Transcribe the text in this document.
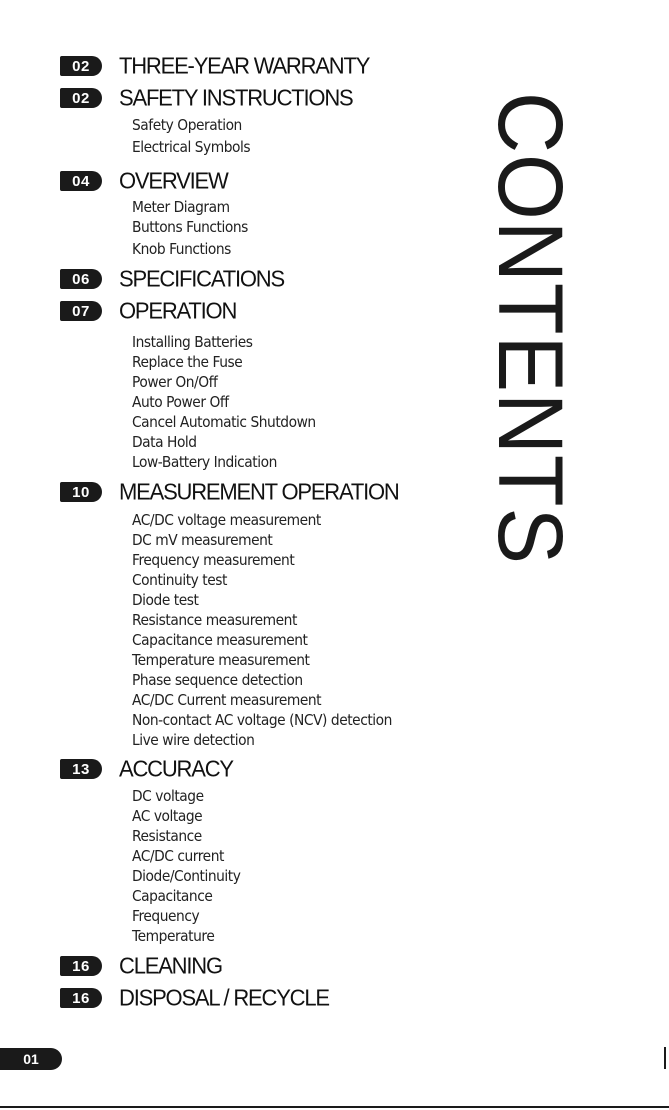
02	THREE-YEAR WARRANTY
02	SAFETY INSTRUCTIONS
Safety Operation
Electrical Symbols
04	OVERVIEW
Meter Diagram
Buttons Functions
Knob Functions
06	SPECIFICATIONS
07	OPERATION
Installing Batteries
Replace the Fuse
Power On/Off
Auto Power Off
Cancel Automatic Shutdown
Data Hold
Low-Battery Indication
10	MEASUREMENT OPERATION
AC/DC voltage measurement
DC mV measurement
Frequency measurement
Continuity test
Diode test
Resistance measurement
Capacitance measurement
Temperature measurement
Phase sequence detection
AC/DC Current measurement
Non-contact AC voltage (NCV) detection
Live wire detection
13	ACCURACY
DC voltage
AC voltage
Resistance
AC/DC current
Diode/Continuity
Capacitance
Frequency
Temperature
16	CLEANING
16	DISPOSAL / RECYCLE
CONTENTS
01
